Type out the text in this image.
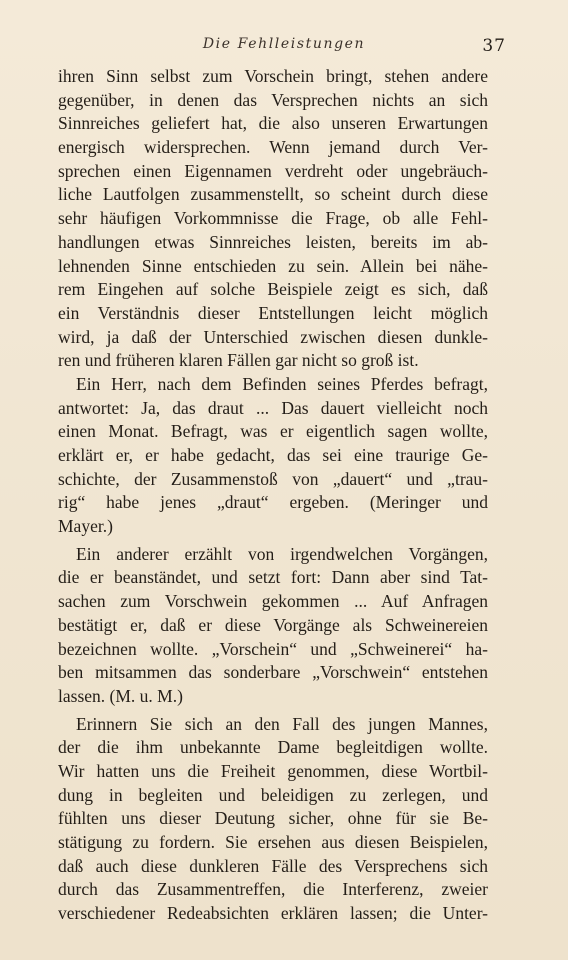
Die Fehlleistungen	37
ihren Sinn selbst zum Vorschein bringt, stehen andere
gegenüber, in denen das Versprechen nichts an sich
Sinnreiches geliefert hat, die also unseren Erwartungen
energisch widersprechen. Wenn jemand durch Ver-
sprechen einen Eigennamen verdreht oder ungebräuch-
liche Lautfolgen zusammenstellt, so scheint durch diese
sehr häufigen Vorkommnisse die Frage, ob alle Fehl-
handlungen etwas Sinnreiches leisten, bereits im ab-
lehnenden Sinne entschieden zu sein. Allein bei nähe-
rem Eingehen auf solche Beispiele zeigt es sich, daß
ein Verständnis dieser Entstellungen leicht möglich
wird, ja daß der Unterschied zwischen diesen dunkle-
ren und früheren klaren Fällen gar nicht so groß ist.
Ein Herr, nach dem Befinden seines Pferdes befragt,
antwortet: Ja, das draut ... Das dauert vielleicht noch
einen Monat. Befragt, was er eigentlich sagen wollte,
erklärt er, er habe gedacht, das sei eine traurige Ge-
schichte, der Zusammenstoß von „dauert“ und „trau-
rig“ habe jenes „draut“ ergeben. (Meringer und
Mayer.)
Ein anderer erzählt von irgendwelchen Vorgängen,
die er beanständet, und setzt fort: Dann aber sind Tat-
sachen zum Vorschwein gekommen ... Auf Anfragen
bestätigt er, daß er diese Vorgänge als Schweinereien
bezeichnen wollte. „Vorschein“ und „Schweinerei“ ha-
ben mitsammen das sonderbare „Vorschwein“ entstehen
lassen. (M. u. M.)
Erinnern Sie sich an den Fall des jungen Mannes,
der die ihm unbekannte Dame begleitdigen wollte.
Wir hatten uns die Freiheit genommen, diese Wortbil-
dung in begleiten und beleidigen zu zerlegen, und
fühlten uns dieser Deutung sicher, ohne für sie Be-
stätigung zu fordern. Sie ersehen aus diesen Beispielen,
daß auch diese dunkleren Fälle des Versprechens sich
durch das Zusammentreffen, die Interferenz, zweier
verschiedener Redeabsichten erklären lassen; die Unter-
